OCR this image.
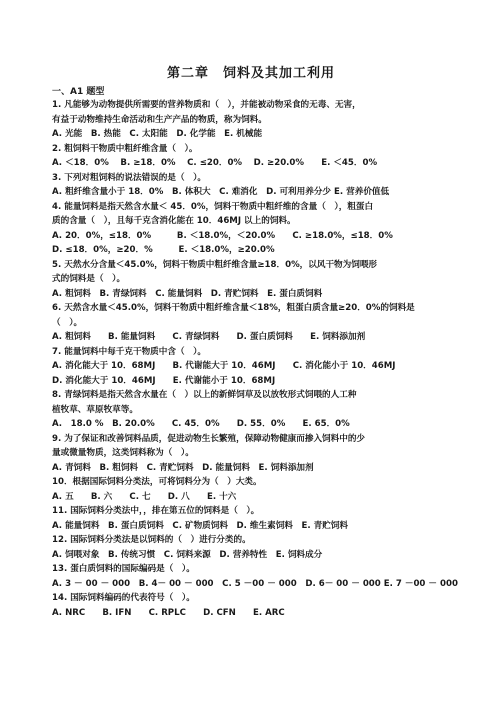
第二章　饲料及其加工利用
一、A1 题型
1. 凡能够为动物提供所需要的营养物质和（　），并能被动物采食的无毒、无害，
有益于动物维持生命活动和生产产品的物质，称为饲料。
A. 光能　B. 热能　C. 太阳能　D. 化学能　E. 机械能
2. 粗饲料干物质中粗纤维含量（　）。
A. ＜18．0%　 B. ≥18．0%　 C. ≤20．0%　 D. ≥20.0%　　E. ＜45．0%
3. 下列对粗饲料的说法错误的是（　）。
A. 粗纤维含量小于 18．0%　B. 体积大　C. 难消化　D. 可利用养分少 E. 营养价值低
4. 能量饲料是指天然含水量＜ 45．0%，饲料干物质中粗纤维的含量（　），粗蛋白
质的含量（　），且每千克含消化能在 10．46MJ 以上的饲料。
A. 20．0%，≤18．0%　　　B. ＜18.0%，＜20.0%　　C. ≥18.0%，≤18．0%
D. ≤18．0%，≥20．%　　　E. ＜18.0%，≥20.0%
5. 天然水分含量＜45.0%，饲料干物质中粗纤维含量≥18．0%，以风干物为饲喂形
式的饲料是（　）。
A. 粗饲料　B. 青绿饲料　C. 能量饲料　D. 青贮饲料　E. 蛋白质饲料
6. 天然含水量＜45.0%，饲料干物质中粗纤维含量＜18%，粗蛋白质含量≥20．0%的饲料是
（　）。
A. 粗饲料　　B. 能量饲料　　C. 青绿饲料　　D. 蛋白质饲料　　E. 饲料添加剂
7. 能量饲料中每千克干物质中含（　）。
A. 消化能大于 10．68MJ　　B. 代谢能大于 10．46MJ　　C. 消化能小于 10．46MJ
D. 消化能大于 10．46MJ　　E. 代谢能小于 10．68MJ
8. 青绿饲料是指天然含水量在（　）以上的新鲜饲草及以放牧形式饲喂的人工种
植牧草、草原牧草等。
A.　18.0 %　B. 20.0%　　C. 45．0%　　D. 55．0%　　E. 65．0%
9. 为了保证和改善饲料品质，促进动物生长繁殖，保障动物健康而掺入饲料中的少
量或微量物质，这类饲料称为（　）。
A. 青饲料　B. 粗饲料　C. 青贮饲料　D. 能量饲料　E. 饲料添加剂
10．根据国际饲料分类法，可将饲料分为（　）大类。
A. 五　　B. 六　　C. 七　　D. 八　　E. 十六
11. 国际饲料分类法中，，排在第五位的饲料是（　）。
A. 能量饲料　B. 蛋白质饲料　C. 矿物质饲料　D. 维生素饲料　E. 青贮饲料
12. 国际饲料分类法是以饲料的（　）进行分类的。
A. 饲喂对象　B. 传统习惯　C. 饲料来源　D. 营养特性　E. 饲料成分
13. 蛋白质饲料的国际编码是（　）。
A. 3 － 00 － 000　B. 4－ 00 － 000　C. 5 －00 － 000　D. 6－ 00 － 000 E. 7 －00 － 000
14. 国际饲料编码的代表符号（　）。
A. NRC　　B. IFN　　C. RPLC　　D. CFN　　E. ARC
